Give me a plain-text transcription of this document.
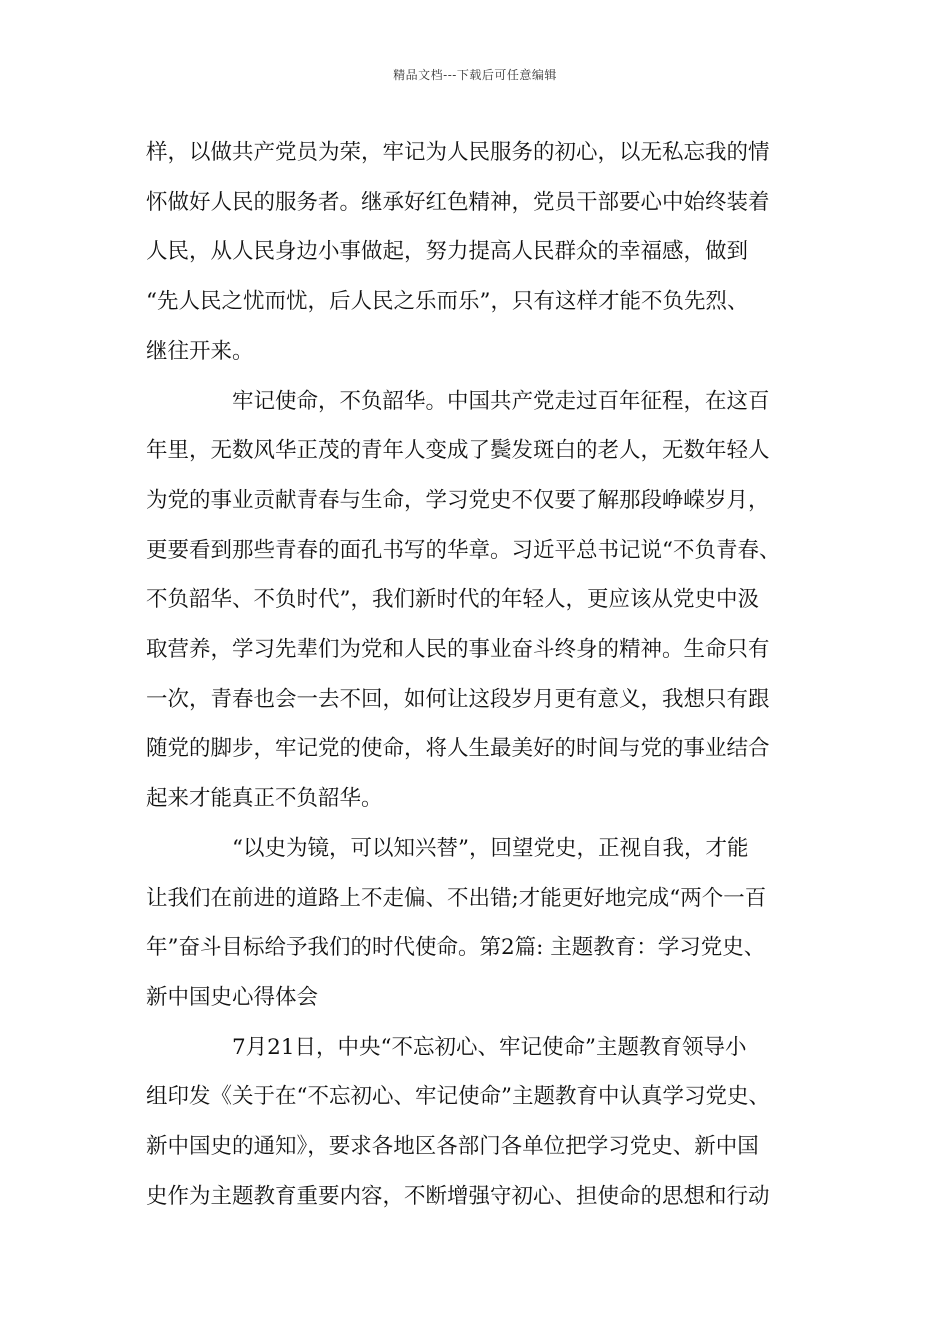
精品文档---下载后可任意编辑

样，以做共产党员为荣，牢记为人民服务的初心，以无私忘我的情
怀做好人民的服务者。继承好红色精神，党员干部要心中始终装着
人民，从人民身边小事做起，努力提高人民群众的幸福感，做到
“先人民之忧而忧，后人民之乐而乐”，只有这样才能不负先烈、
继往开来。

牢记使命，不负韶华。中国共产党走过百年征程，在这百
年里，无数风华正茂的青年人变成了鬓发斑白的老人，无数年轻人
为党的事业贡献青春与生命，学习党史不仅要了解那段峥嵘岁月，
更要看到那些青春的面孔书写的华章。习近平总书记说“不负青春、
不负韶华、不负时代”，我们新时代的年轻人，更应该从党史中汲
取营养，学习先辈们为党和人民的事业奋斗终身的精神。生命只有
一次，青春也会一去不回，如何让这段岁月更有意义，我想只有跟
随党的脚步，牢记党的使命，将人生最美好的时间与党的事业结合
起来才能真正不负韶华。

“以史为镜，可以知兴替”，回望党史，正视自我，才能
让我们在前进的道路上不走偏、不出错;才能更好地完成“两个一百
年”奋斗目标给予我们的时代使命。第2篇: 主题教育：学习党史、
新中国史心得体会

7月21日，中央“不忘初心、牢记使命”主题教育领导小
组印发《关于在“不忘初心、牢记使命”主题教育中认真学习党史、
新中国史的通知》，要求各地区各部门各单位把学习党史、新中国
史作为主题教育重要内容，不断增强守初心、担使命的思想和行动
